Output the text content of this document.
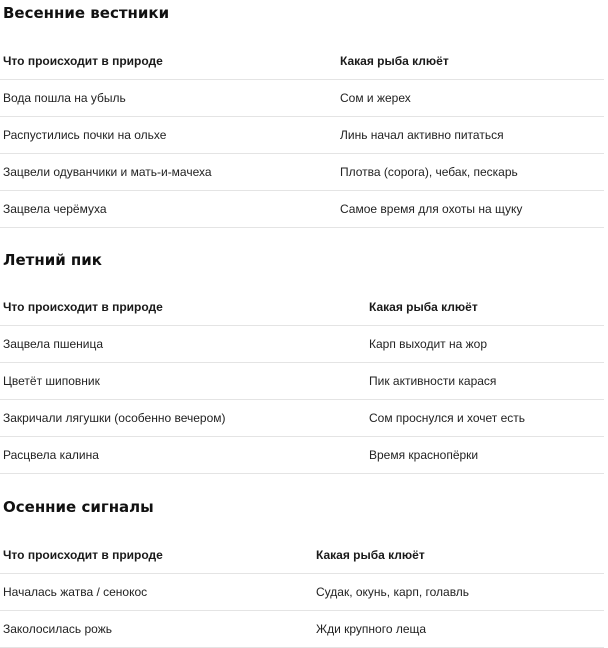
Весенние вестники
Что происходит в природе	Какая рыба клюёт
Вода пошла на убыль	Сом и жерех
Распустились почки на ольхе	Линь начал активно питаться
Зацвели одуванчики и мать-и-мачеха	Плотва (сорога), чебак, пескарь
Зацвела черёмуха	Самое время для охоты на щуку
Летний пик
Что происходит в природе	Какая рыба клюёт
Зацвела пшеница	Карп выходит на жор
Цветёт шиповник	Пик активности карася
Закричали лягушки (особенно вечером)	Сом проснулся и хочет есть
Расцвела калина	Время краснопёрки
Осенние сигналы
Что происходит в природе	Какая рыба клюёт
Началась жатва / сенокос	Судак, окунь, карп, голавль
Заколосилась рожь	Жди крупного леща
